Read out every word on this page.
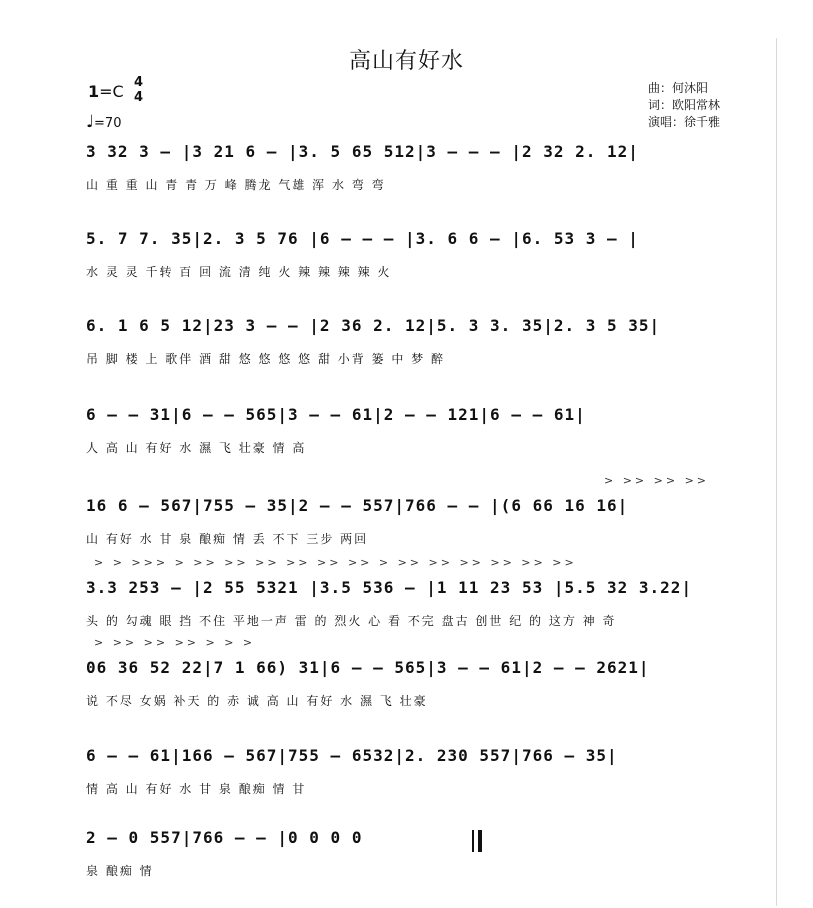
高山有好水
曲：何沐阳
词：欧阳常林
演唱：徐千雅
1=C 4
4
♩=70
3 32 3 – |3 21 6 – |3. 5 65 512|3 – – – |2 32 2. 12|
山 重 重 山 青 青 万 峰 腾龙 气雄 浑 水 弯 弯
5. 7 7. 35|2. 3 5 76 |6 – – – |3. 6 6 – |6. 53 3 – |
水 灵 灵 千转 百 回 流 清 纯 火 辣 辣 辣 辣 火
6. 1 6 5 12|23 3 – – |2 36 2. 12|5. 3 3. 35|2. 3 5 35|
吊 脚 楼 上 歌伴 酒 甜 悠 悠 悠 悠 甜 小背 篓 中 梦 醉
6 – – 31|6 – – 565|3 – – 61|2 – – 121|6 – – 61|
人 高 山 有好 水 濕 飞 壮豪 情 高
> >> >> >>
16 6 – 567|755 – 35|2 – – 557|766 – – |(6 66 16 16|
山 有好 水 甘 泉 酿痴 情 丢 不下 三步 两回
> > >>> > >> >> >> >> >> >> > >> >> >> >> >> >>
3.3 253 – |2 55 5321 |3.5 536 – |1 11 23 53 |5.5 32 3.22|
头 的 勾魂 眼 挡 不住 平地一声 雷 的 烈火 心 看 不完 盘古 创世 纪 的 这方 神 奇
> >> >> >> > > >
06 36 52 22|7 1 66) 31|6 – – 565|3 – – 61|2 – – 2621|
说 不尽 女娲 补天 的 赤 诚 高 山 有好 水 濕 飞 壮豪
6 – – 61|166 – 567|755 – 6532|2. 230 557|766 – 35|
情 高 山 有好 水 甘 泉 酿痴 情 甘
2 – 0 557|766 – – |0 0 0 0
泉 酿痴 情
